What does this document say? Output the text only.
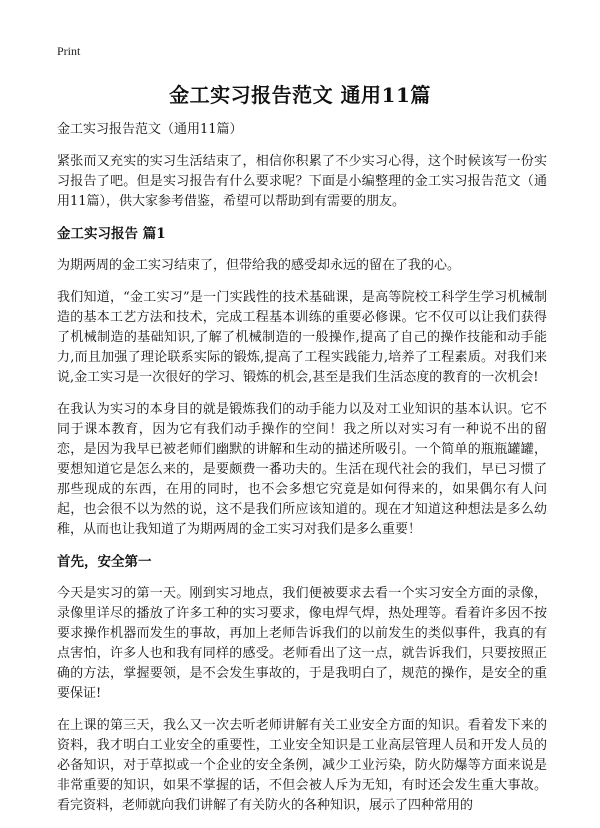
Print
金工实习报告范文 通用11篇

金工实习报告范文（通用11篇）

紧张而又充实的实习生活结束了，相信你积累了不少实习心得，这个时候该写一份实习报告了吧。但是实习报告有什么要求呢？下面是小编整理的金工实习报告范文（通用11篇），供大家参考借鉴，希望可以帮助到有需要的朋友。

金工实习报告 篇1

为期两周的金工实习结束了，但带给我的感受却永远的留在了我的心。

我们知道，“金工实习”是一门实践性的技术基础课，是高等院校工科学生学习机械制造的基本工艺方法和技术，完成工程基本训练的重要必修课。它不仅可以让我们获得了机械制造的基础知识,了解了机械制造的一般操作,提高了自己的操作技能和动手能力,而且加强了理论联系实际的锻炼,提高了工程实践能力,培养了工程素质。对我们来说,金工实习是一次很好的学习、锻炼的机会,甚至是我们生活态度的教育的一次机会!

在我认为实习的本身目的就是锻炼我们的动手能力以及对工业知识的基本认识。它不同于课本教育，因为它有我们动手操作的空间！我之所以对实习有一种说不出的留恋，是因为我早已被老师们幽默的讲解和生动的描述所吸引。一个简单的瓶瓶罐罐，要想知道它是怎么来的，是要颇费一番功夫的。生活在现代社会的我们，早已习惯了那些现成的东西，在用的同时，也不会多想它究竟是如何得来的，如果偶尔有人问起，也会很不以为然的说，这不是我们所应该知道的。现在才知道这种想法是多么幼稚，从而也让我知道了为期两周的金工实习对我们是多么重要！

首先，安全第一

今天是实习的第一天。刚到实习地点，我们便被要求去看一个实习安全方面的录像，录像里详尽的播放了许多工种的实习要求，像电焊气焊，热处理等。看着许多因不按要求操作机器而发生的事故，再加上老师告诉我们的以前发生的类似事件，我真的有点害怕，许多人也和我有同样的感受。老师看出了这一点，就告诉我们，只要按照正确的方法，掌握要领，是不会发生事故的，于是我明白了，规范的操作，是安全的重要保证!

在上课的第三天，我么又一次去听老师讲解有关工业安全方面的知识。看着发下来的资料，我才明白工业安全的重要性，工业安全知识是工业高层管理人员和开发人员的必备知识，对于草拟或一个企业的安全条例，减少工业污染，防火防爆等方面来说是非常重要的知识，如果不掌握的话，不但会被人斥为无知，有时还会发生重大事故。看完资料，老师就向我们讲解了有关防火的各种知识，展示了四种常用的
